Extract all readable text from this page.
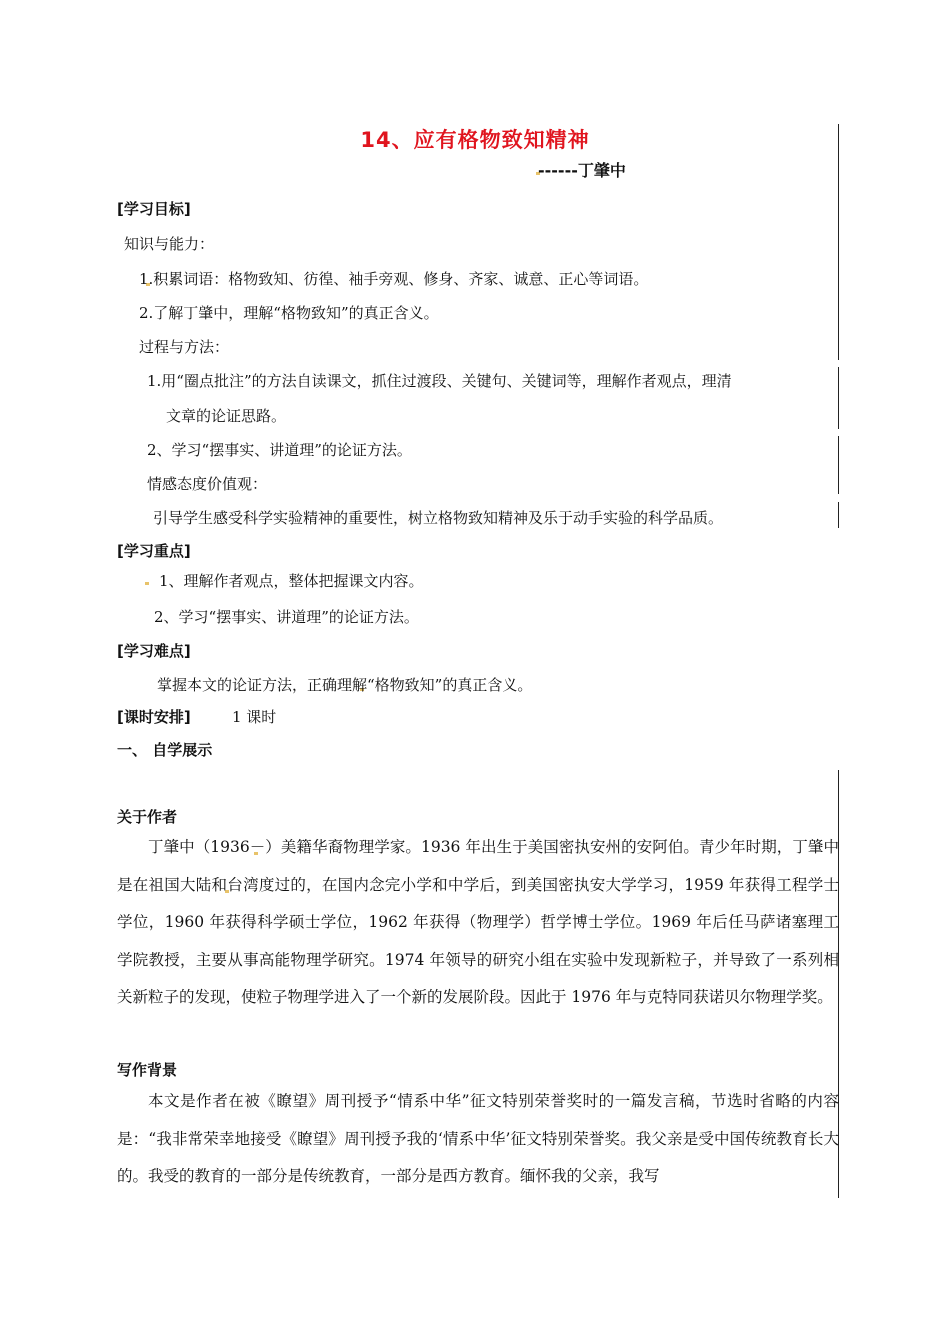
14、应有格物致知精神
------丁肇中
[学习目标]
知识与能力：
1.积累词语：格物致知、彷徨、袖手旁观、修身、齐家、诚意、正心等词语。
2.了解丁肇中，理解“格物致知”的真正含义。
过程与方法：
1.用“圈点批注”的方法自读课文，抓住过渡段、关键句、关键词等，理解作者观点，理清
文章的论证思路。
2、学习“摆事实、讲道理”的论证方法。
情感态度价值观：
引导学生感受科学实验精神的重要性，树立格物致知精神及乐于动手实验的科学品质。
[学习重点]
1、理解作者观点，整体把握课文内容。
2、学习“摆事实、讲道理”的论证方法。
[学习难点]
掌握本文的论证方法，正确理解“格物致知”的真正含义。
[课时安排]	1 课时
一、 自学展示
关于作者
丁肇中（1936－）美籍华裔物理学家。1936 年出生于美国密执安州的安阿伯。青少年时期，丁肇中是在祖国大陆和台湾度过的，在国内念完小学和中学后，到美国密执安大学学习，1959 年获得工程学士学位，1960 年获得科学硕士学位，1962 年获得（物理学）哲学博士学位。1969 年后任马萨诸塞理工学院教授，主要从事高能物理学研究。1974 年领导的研究小组在实验中发现新粒子，并导致了一系列相关新粒子的发现，使粒子物理学进入了一个新的发展阶段。因此于 1976 年与克特同获诺贝尔物理学奖。
写作背景
本文是作者在被《瞭望》周刊授予“情系中华”征文特别荣誉奖时的一篇发言稿，节选时省略的内容是：“我非常荣幸地接受《瞭望》周刊授予我的‘情系中华’征文特别荣誉奖。我父亲是受中国传统教育长大的。我受的教育的一部分是传统教育，一部分是西方教育。缅怀我的父亲，我写
